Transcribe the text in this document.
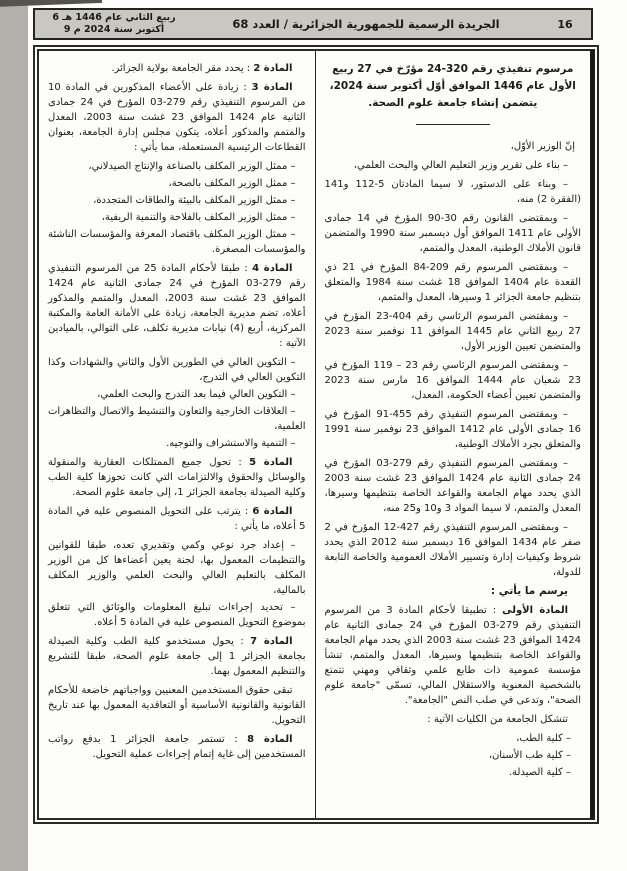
6 ربيع الثاني عام 1446 هـ
9 أكتوبر سنة 2024 م	الجريدة الرسمية للجمهورية الجزائرية / العدد 68	16

مرسوم تنفيذي رقم 320-24 مؤرّخ في 27 ربيع الأول عام 1446 الموافق أوّل أكتوبر سنة 2024، يتضمن إنشاء جامعة علوم الصحة.

إنّ الوزير الأوّل،

– بناء على تقرير وزير التعليم العالي والبحث العلمي،

– وبناء على الدستور، لا سيما المادتان 5-112 و141 (الفقرة 2) منه،

– وبمقتضى القانون رقم 30-90 المؤرخ في 14 جمادى الأولى عام 1411 الموافق أول ديسمبر سنة 1990 والمتضمن قانون الأملاك الوطنية، المعدل والمتمم،

– وبمقتضى المرسوم رقم 209-84 المؤرخ في 21 ذي القعدة عام 1404 الموافق 18 غشت سنة 1984 والمتعلق بتنظيم جامعة الجزائر 1 وسيرها، المعدل والمتمم،

– وبمقتضى المرسوم الرئاسي رقم 404-23 المؤرخ في 27 ربيع الثاني عام 1445 الموافق 11 نوفمبر سنة 2023 والمتضمن تعيين الوزير الأول،

– وبمقتضى المرسوم الرئاسي رقم ⁦119 – 23⁩ المؤرخ في 23 شعبان عام 1444 الموافق 16 مارس سنة 2023 والمتضمن تعيين أعضاء الحكومة، المعدل،

– وبمقتضى المرسوم التنفيذي رقم 455-91 المؤرخ في 16 جمادى الأولى عام 1412 الموافق 23 نوفمبر سنة 1991 والمتعلق بجرد الأملاك الوطنية،

– وبمقتضى المرسوم التنفيذي رقم 279-03 المؤرخ في 24 جمادى الثانية عام 1424 الموافق 23 غشت سنة 2003 الذي يحدد مهام الجامعة والقواعد الخاصة بتنظيمها وسيرها، المعدل والمتمم، لا سيما المواد 3 و10 و25 منه،

– وبمقتضى المرسوم التنفيذي رقم 427-12 المؤرخ في 2 صفر عام 1434 الموافق 16 ديسمبر سنة 2012 الذي يحدد شروط وكيفيات إدارة وتسيير الأملاك العمومية والخاصة التابعة للدولة،

يرسم ما يأتي :

المادة الأولى : تطبيقا لأحكام المادة 3 من المرسوم التنفيذي رقم 279-03 المؤرخ في 24 جمادى الثانية عام 1424 الموافق 23 غشت سنة 2003 الذي يحدد مهام الجامعة والقواعد الخاصة بتنظيمها وسيرها، المعدل والمتمم، تنشأ مؤسسة عمومية ذات طابع علمي وثقافي ومهني تتمتع بالشخصية المعنوية والاستقلال المالي، تسمّى "جامعة علوم الصحة"، وتدعى في صلب النص "الجامعة".

تتشكل الجامعة من الكليات الآتية :

– كلية الطب،

– كلية طب الأسنان،

– كلية الصيدلة.

المادة 2 : يحدد مقر الجامعة بولاية الجزائر.

المادة 3 : زيادة على الأعضاء المذكورين في المادة 10 من المرسوم التنفيذي رقم 279-03 المؤرخ في 24 جمادى الثانية عام 1424 الموافق 23 غشت سنة 2003، المعدل والمتمم والمذكور أعلاه، يتكون مجلس إدارة الجامعة، بعنوان القطاعات الرئيسية المستعملة، مما يأتي :

– ممثل الوزير المكلف بالصناعة والإنتاج الصيدلاني،

– ممثل الوزير المكلف بالصحة،

– ممثل الوزير المكلف بالبيئة والطاقات المتجددة،

– ممثل الوزير المكلف بالفلاحة والتنمية الريفية،

– ممثل الوزير المكلف باقتصاد المعرفة والمؤسسات الناشئة والمؤسسات المصغرة.

المادة 4 : طبقا لأحكام المادة 25 من المرسوم التنفيذي رقم 279-03 المؤرخ في 24 جمادى الثانية عام 1424 الموافق 23 غشت سنة 2003، المعدل والمتمم والمذكور أعلاه، تضم مديرية الجامعة، زيادة على الأمانة العامة والمكتبة المركزية، أربع (4) نيابات مديرية تكلف، على التوالي، بالميادين الآتية :

– التكوين العالي في الطورين الأول والثاني والشهادات وكذا التكوين العالي في التدرج،

– التكوين العالي فيما بعد التدرج والبحث العلمي،

– العلاقات الخارجية والتعاون والتنشيط والاتصال والتظاهرات العلمية،

– التنمية والاستشراف والتوجيه.

المادة 5 : تحول جميع الممتلكات العقارية والمنقولة والوسائل والحقوق والالتزامات التي كانت تحوزها كلية الطب وكلية الصيدلة بجامعة الجزائر 1، إلى جامعة علوم الصحة.

المادة 6 : يترتب على التحويل المنصوص عليه في المادة 5 أعلاه، ما يأتي :

– إعداد جرد نوعي وكمي وتقديري تعده، طبقا للقوانين والتنظيمات المعمول بها، لجنة يعين أعضاءها كل من الوزير المكلف بالتعليم العالي والبحث العلمي والوزير المكلف بالمالية،

– تحديد إجراءات تبليغ المعلومات والوثائق التي تتعلق بموضوع التحويل المنصوص عليه في المادة 5 أعلاه.

المادة 7 : يحول مستخدمو كلية الطب وكلية الصيدلة بجامعة الجزائر 1 إلى جامعة علوم الصحة، طبقا للتشريع والتنظيم المعمول بهما.

تبقى حقوق المستخدمين المعنيين وواجباتهم خاضعة للأحكام القانونية والقانونية الأساسية أو التعاقدية المعمول بها عند تاريخ التحويل.

المادة 8 : تستمر جامعة الجزائر 1 بدفع رواتب المستخدمين إلى غاية إتمام إجراءات عملية التحويل.
